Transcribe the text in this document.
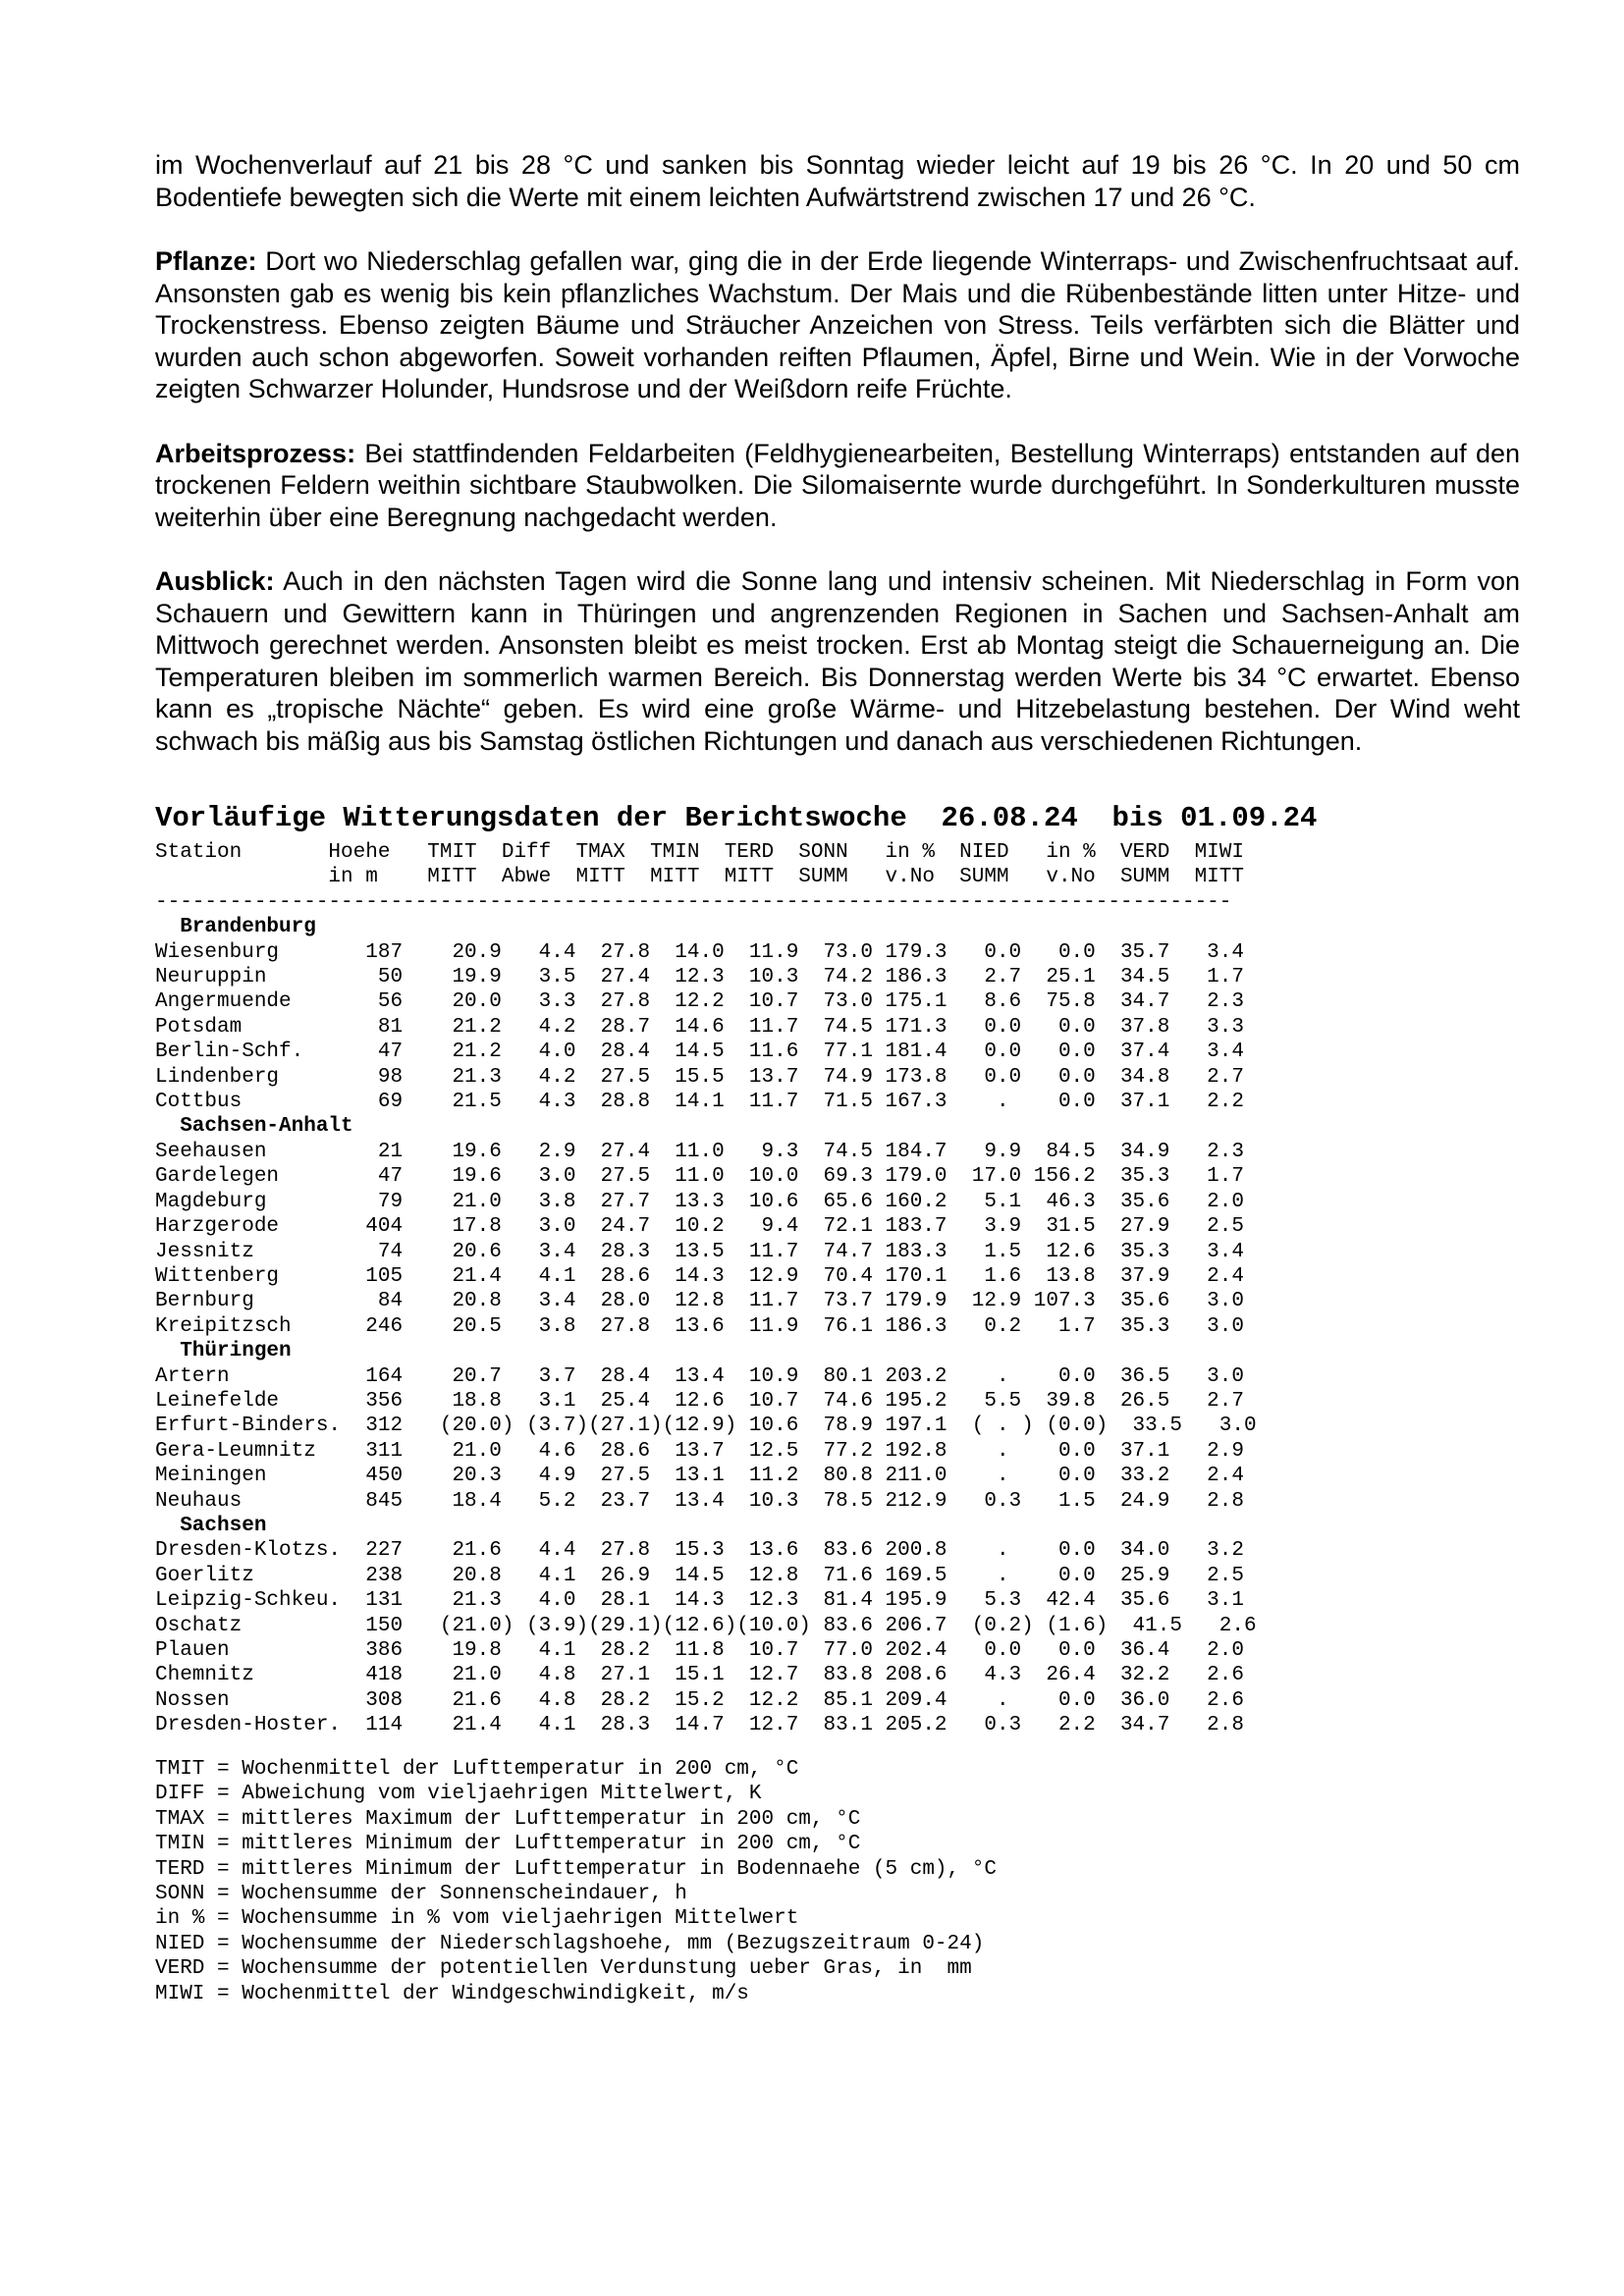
im Wochenverlauf auf 21 bis 28 °C und sanken bis Sonntag wieder leicht auf 19 bis 26 °C. In 20 und 50 cm Bodentiefe bewegten sich die Werte mit einem leichten Aufwärtstrend zwischen 17 und 26 °C.

Pflanze: Dort wo Niederschlag gefallen war, ging die in der Erde liegende Winterraps- und Zwischenfruchtsaat auf. Ansonsten gab es wenig bis kein pflanzliches Wachstum. Der Mais und die Rübenbestände litten unter Hitze- und Trockenstress. Ebenso zeigten Bäume und Sträucher Anzeichen von Stress. Teils verfärbten sich die Blätter und wurden auch schon abgeworfen. Soweit vorhanden reiften Pflaumen, Äpfel, Birne und Wein. Wie in der Vorwoche zeigten Schwarzer Holunder, Hundsrose und der Weißdorn reife Früchte.

Arbeitsprozess: Bei stattfindenden Feldarbeiten (Feldhygienearbeiten, Bestellung Winterraps) entstanden auf den trockenen Feldern weithin sichtbare Staubwolken. Die Silomaisernte wurde durchgeführt. In Sonderkulturen musste weiterhin über eine Beregnung nachgedacht werden.

Ausblick: Auch in den nächsten Tagen wird die Sonne lang und intensiv scheinen. Mit Niederschlag in Form von Schauern und Gewittern kann in Thüringen und angrenzenden Regionen in Sachen und Sachsen-Anhalt am Mittwoch gerechnet werden. Ansonsten bleibt es meist trocken. Erst ab Montag steigt die Schauerneigung an. Die Temperaturen bleiben im sommerlich warmen Bereich. Bis Donnerstag werden Werte bis 34 °C erwartet. Ebenso kann es „tropische Nächte“ geben. Es wird eine große Wärme- und Hitzebelastung bestehen. Der Wind weht schwach bis mäßig aus bis Samstag östlichen Richtungen und danach aus verschiedenen Richtungen.

Vorläufige Witterungsdaten der Berichtswoche  26.08.24  bis 01.09.24
Station       Hoehe   TMIT  Diff  TMAX  TMIN  TERD  SONN   in %  NIED   in %  VERD  MIWI
in m    MITT  Abwe  MITT  MITT  MITT  SUMM   v.No  SUMM   v.No  SUMM  MITT
---------------------------------------------------------------------------------------
Brandenburg
Wiesenburg       187    20.9   4.4  27.8  14.0  11.9  73.0 179.3   0.0   0.0  35.7   3.4
Neuruppin         50    19.9   3.5  27.4  12.3  10.3  74.2 186.3   2.7  25.1  34.5   1.7
Angermuende       56    20.0   3.3  27.8  12.2  10.7  73.0 175.1   8.6  75.8  34.7   2.3
Potsdam           81    21.2   4.2  28.7  14.6  11.7  74.5 171.3   0.0   0.0  37.8   3.3
Berlin-Schf.      47    21.2   4.0  28.4  14.5  11.6  77.1 181.4   0.0   0.0  37.4   3.4
Lindenberg        98    21.3   4.2  27.5  15.5  13.7  74.9 173.8   0.0   0.0  34.8   2.7
Cottbus           69    21.5   4.3  28.8  14.1  11.7  71.5 167.3    .    0.0  37.1   2.2
Sachsen-Anhalt
Seehausen         21    19.6   2.9  27.4  11.0   9.3  74.5 184.7   9.9  84.5  34.9   2.3
Gardelegen        47    19.6   3.0  27.5  11.0  10.0  69.3 179.0  17.0 156.2  35.3   1.7
Magdeburg         79    21.0   3.8  27.7  13.3  10.6  65.6 160.2   5.1  46.3  35.6   2.0
Harzgerode       404    17.8   3.0  24.7  10.2   9.4  72.1 183.7   3.9  31.5  27.9   2.5
Jessnitz          74    20.6   3.4  28.3  13.5  11.7  74.7 183.3   1.5  12.6  35.3   3.4
Wittenberg       105    21.4   4.1  28.6  14.3  12.9  70.4 170.1   1.6  13.8  37.9   2.4
Bernburg          84    20.8   3.4  28.0  12.8  11.7  73.7 179.9  12.9 107.3  35.6   3.0
Kreipitzsch      246    20.5   3.8  27.8  13.6  11.9  76.1 186.3   0.2   1.7  35.3   3.0
Thüringen
Artern           164    20.7   3.7  28.4  13.4  10.9  80.1 203.2    .    0.0  36.5   3.0
Leinefelde       356    18.8   3.1  25.4  12.6  10.7  74.6 195.2   5.5  39.8  26.5   2.7
Erfurt-Binders.  312   (20.0) (3.7)(27.1)(12.9) 10.6  78.9 197.1  ( . ) (0.0)  33.5   3.0
Gera-Leumnitz    311    21.0   4.6  28.6  13.7  12.5  77.2 192.8    .    0.0  37.1   2.9
Meiningen        450    20.3   4.9  27.5  13.1  11.2  80.8 211.0    .    0.0  33.2   2.4
Neuhaus          845    18.4   5.2  23.7  13.4  10.3  78.5 212.9   0.3   1.5  24.9   2.8
Sachsen
Dresden-Klotzs.  227    21.6   4.4  27.8  15.3  13.6  83.6 200.8    .    0.0  34.0   3.2
Goerlitz         238    20.8   4.1  26.9  14.5  12.8  71.6 169.5    .    0.0  25.9   2.5
Leipzig-Schkeu.  131    21.3   4.0  28.1  14.3  12.3  81.4 195.9   5.3  42.4  35.6   3.1
Oschatz          150   (21.0) (3.9)(29.1)(12.6)(10.0) 83.6 206.7  (0.2) (1.6)  41.5   2.6
Plauen           386    19.8   4.1  28.2  11.8  10.7  77.0 202.4   0.0   0.0  36.4   2.0
Chemnitz         418    21.0   4.8  27.1  15.1  12.7  83.8 208.6   4.3  26.4  32.2   2.6
Nossen           308    21.6   4.8  28.2  15.2  12.2  85.1 209.4    .    0.0  36.0   2.6
Dresden-Hoster.  114    21.4   4.1  28.3  14.7  12.7  83.1 205.2   0.3   2.2  34.7   2.8

TMIT = Wochenmittel der Lufttemperatur in 200 cm, °C
DIFF = Abweichung vom vieljaehrigen Mittelwert, K
TMAX = mittleres Maximum der Lufttemperatur in 200 cm, °C
TMIN = mittleres Minimum der Lufttemperatur in 200 cm, °C
TERD = mittleres Minimum der Lufttemperatur in Bodennaehe (5 cm), °C
SONN = Wochensumme der Sonnenscheindauer, h
in % = Wochensumme in % vom vieljaehrigen Mittelwert
NIED = Wochensumme der Niederschlagshoehe, mm (Bezugszeitraum 0-24)
VERD = Wochensumme der potentiellen Verdunstung ueber Gras, in  mm
MIWI = Wochenmittel der Windgeschwindigkeit, m/s
